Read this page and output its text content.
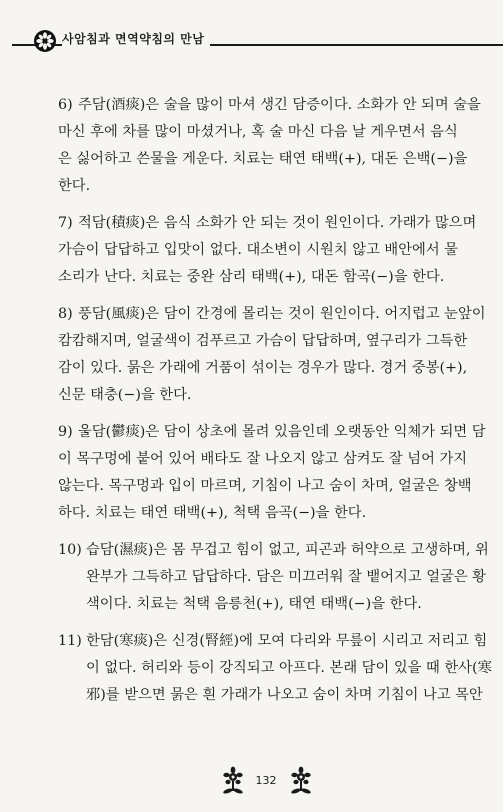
사암침과 면역약침의 만남
6) 주담(酒痰)은 술을 많이 마셔 생긴 담증이다. 소화가 안 되며 술을
마신 후에 차를 많이 마셨거나, 혹 술 마신 다음 날 게우면서 음식
은 싫어하고 쓴물을 게운다. 치료는 태연 태백(+), 대돈 은백(−)을
한다.
7) 적담(積痰)은 음식 소화가 안 되는 것이 원인이다. 가래가 많으며
가슴이 답답하고 입맛이 없다. 대소변이 시원치 않고 배안에서 물
소리가 난다. 치료는 중완 삼리 태백(+), 대돈 함곡(−)을 한다.
8) 풍담(風痰)은 담이 간경에 몰리는 것이 원인이다. 어지럽고 눈앞이
캄캄해지며, 얼굴색이 검푸르고 가슴이 답답하며, 옆구리가 그득한
감이 있다. 묽은 가래에 거품이 섞이는 경우가 많다. 경거 중봉(+),
신문 태충(−)을 한다.
9) 울담(鬱痰)은 담이 상초에 몰려 있음인데 오랫동안 익체가 되면 담
이 목구멍에 붙어 있어 배타도 잘 나오지 않고 삼켜도 잘 넘어 가지
않는다. 목구멍과 입이 마르며, 기침이 나고 숨이 차며, 얼굴은 창백
하다. 치료는 태연 태백(+), 척택 음곡(−)을 한다.
10) 습담(濕痰)은 몸 무겁고 힘이 없고, 피곤과 허약으로 고생하며, 위
완부가 그득하고 답답하다. 담은 미끄러워 잘 뱉어지고 얼굴은 황
색이다. 치료는 척택 음릉천(+), 태연 태백(−)을 한다.
11) 한담(寒痰)은 신경(腎經)에 모여 다리와 무릎이 시리고 저리고 힘
이 없다. 허리와 등이 강직되고 아프다. 본래 담이 있을 때 한사(寒
邪)를 받으면 묽은 흰 가래가 나오고 숨이 차며 기침이 나고 목안
132
